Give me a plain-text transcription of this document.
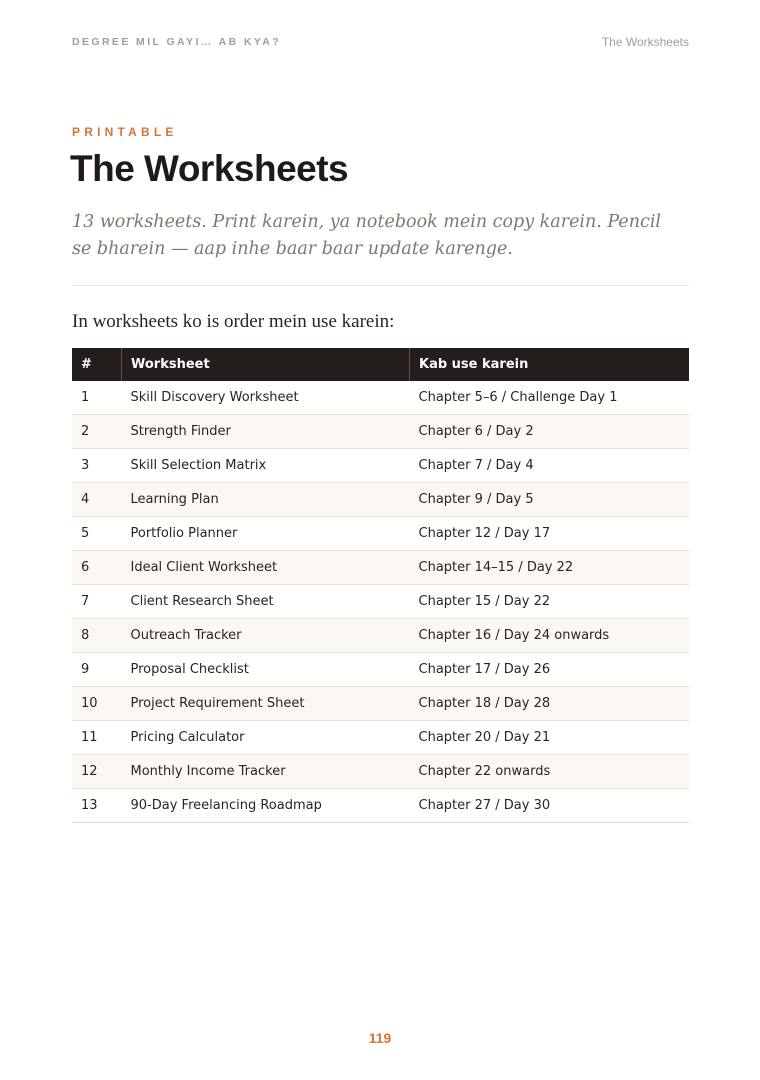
DEGREE MIL GAYI… AB KYA?	The Worksheets
PRINTABLE
The Worksheets

13 worksheets. Print karein, ya notebook mein copy karein. Pencil se bharein — aap inhe baar baar update karenge.

In worksheets ko is order mein use karein:

#	Worksheet	Kab use karein
1	Skill Discovery Worksheet	Chapter 5–6 / Challenge Day 1
2	Strength Finder	Chapter 6 / Day 2
3	Skill Selection Matrix	Chapter 7 / Day 4
4	Learning Plan	Chapter 9 / Day 5
5	Portfolio Planner	Chapter 12 / Day 17
6	Ideal Client Worksheet	Chapter 14–15 / Day 22
7	Client Research Sheet	Chapter 15 / Day 22
8	Outreach Tracker	Chapter 16 / Day 24 onwards
9	Proposal Checklist	Chapter 17 / Day 26
10	Project Requirement Sheet	Chapter 18 / Day 28
11	Pricing Calculator	Chapter 20 / Day 21
12	Monthly Income Tracker	Chapter 22 onwards
13	90-Day Freelancing Roadmap	Chapter 27 / Day 30
119
